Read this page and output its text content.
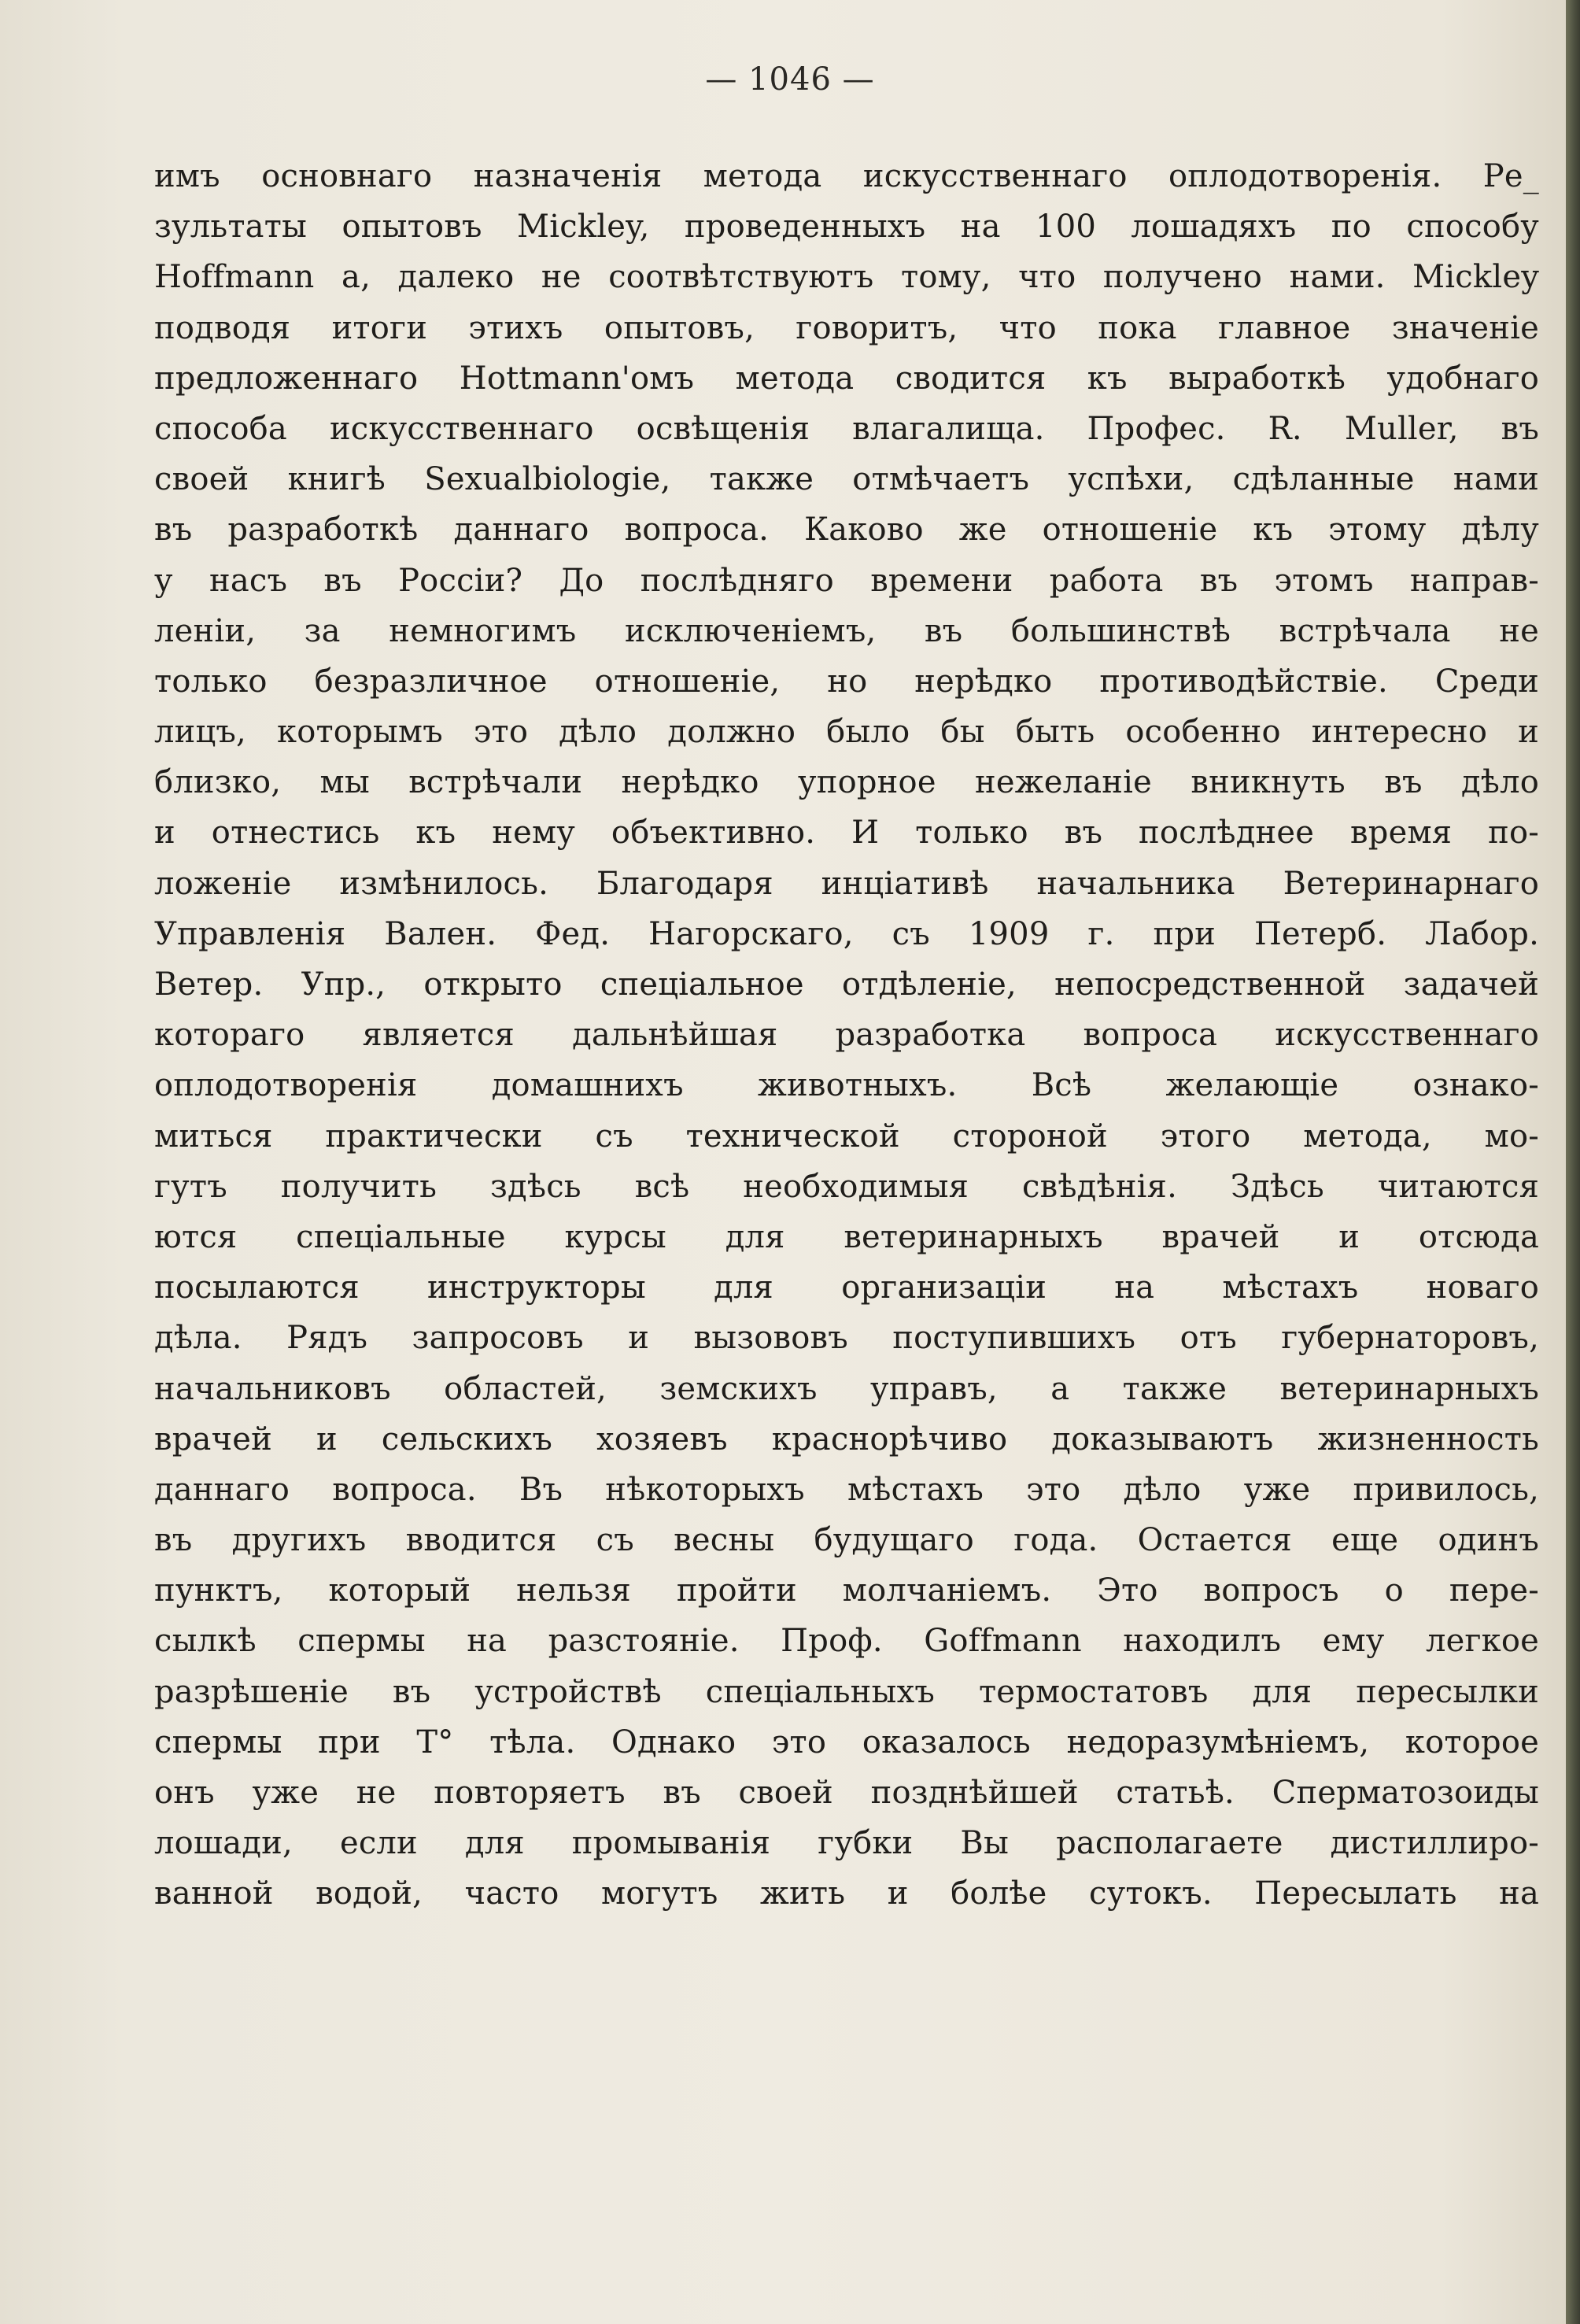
— 1046 —
имъ основнаго назначенія метода искусственнаго оплодотворенія. Ре_
зультаты опытовъ Mickley, проведенныхъ на 100 лошадяхъ по способу
Hoffmann а, далеко не соотвѣтствуютъ тому, что получено нами. Mickley
подводя итоги этихъ опытовъ, говоритъ, что пока главное значеніе
предложеннаго Hottmann'омъ метода сводится къ выработкѣ удобнаго
способа искусственнаго освѣщенія влагалища. Профес. R. Muller, въ
своей книгѣ Sexualbiologie, также отмѣчаетъ успѣхи, сдѣланные нами
въ разработкѣ даннаго вопроса. Каково же отношеніе къ этому дѣлу
у насъ въ Россіи? До послѣдняго времени работа въ этомъ направ-
леніи, за немногимъ исключеніемъ, въ большинствѣ встрѣчала не
только безразличное отношеніе, но нерѣдко противодѣйствіе. Среди
лицъ, которымъ это дѣло должно было бы быть особенно интересно и
близко, мы встрѣчали нерѣдко упорное нежеланіе вникнуть въ дѣло
и отнестись къ нему объективно. И только въ послѣднее время по-
ложеніе измѣнилось. Благодаря инціативѣ начальника Ветеринарнаго
Управленія Вален. Фед. Нагорскаго, съ 1909 г. при Петерб. Лабор.
Ветер. Упр., открыто спеціальное отдѣленіе, непосредственной задачей
котораго является дальнѣйшая разработка вопроса искусственнаго
оплодотворенія домашнихъ животныхъ. Всѣ желающіе ознако-
миться практически съ технической стороной этого метода, мо-
гутъ получить здѣсь всѣ необходимыя свѣдѣнія. Здѣсь читаются
ются спеціальные курсы для ветеринарныхъ врачей и отсюда
посылаются инструкторы для организаціи на мѣстахъ новаго
дѣла. Рядъ запросовъ и вызововъ поступившихъ отъ губернаторовъ,
начальниковъ областей, земскихъ управъ, а также ветеринарныхъ
врачей и сельскихъ хозяевъ краснорѣчиво доказываютъ жизненность
даннаго вопроса. Въ нѣкоторыхъ мѣстахъ это дѣло уже привилось,
въ другихъ вводится съ весны будущаго года. Остается еще одинъ
пунктъ, который нельзя пройти молчаніемъ. Это вопросъ о пере-
сылкѣ спермы на разстояніе. Проф. Goffmann находилъ ему легкое
разрѣшеніе въ устройствѣ спеціальныхъ термостатовъ для пересылки
спермы при T° тѣла. Однако это оказалось недоразумѣніемъ, которое
онъ уже не повторяетъ въ своей позднѣйшей статьѣ. Сперматозоиды
лошади, если для промыванія губки Вы располагаете дистиллиро-
ванной водой, часто могутъ жить и болѣе сутокъ. Пересылать на
